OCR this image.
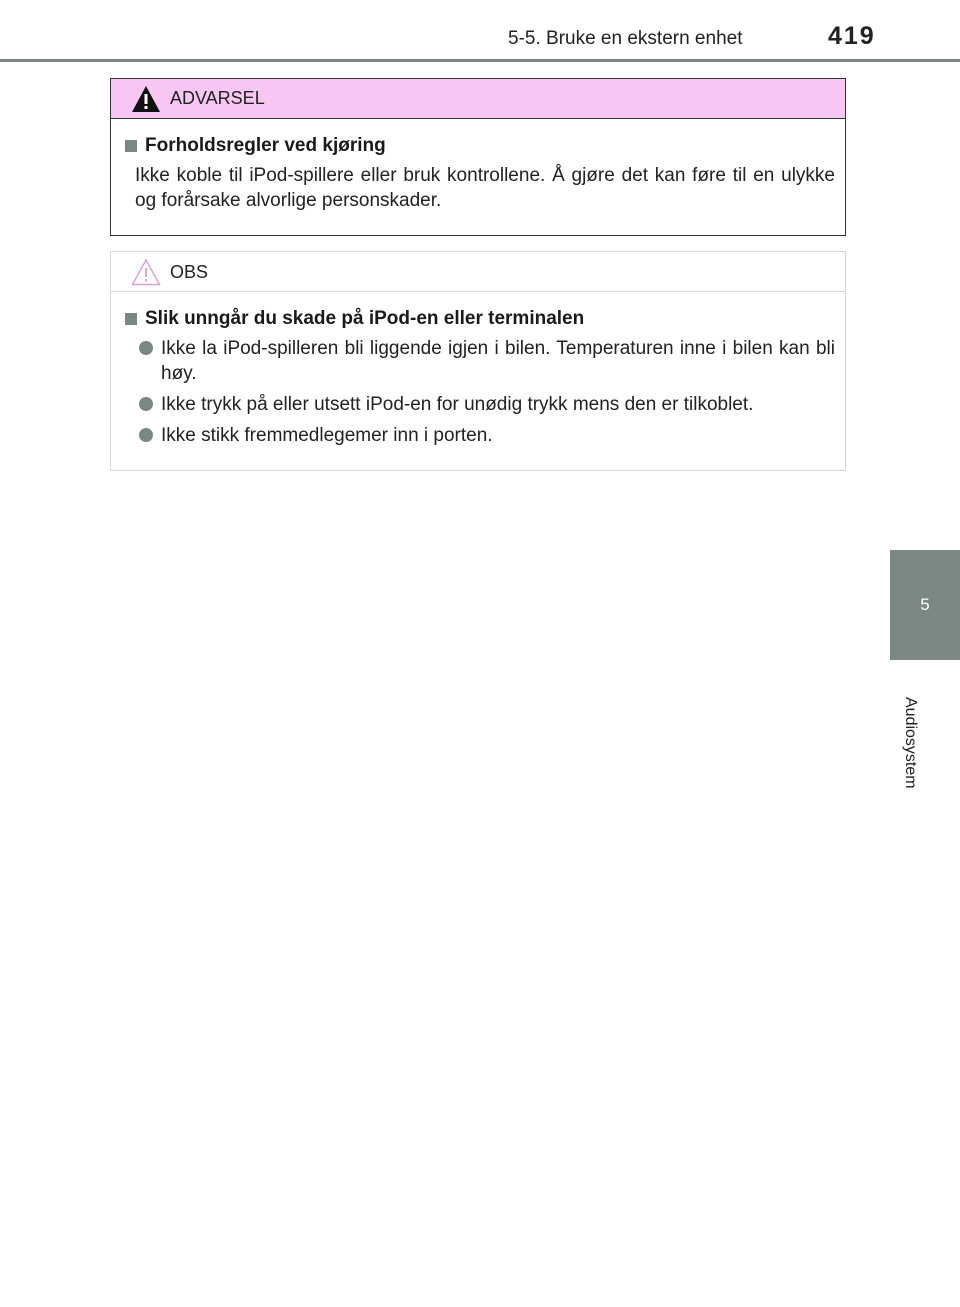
5-5. Bruke en ekstern enhet	419
5
Audiosystem
ADVARSEL
Forholdsregler ved kjøring
Ikke koble til iPod-spillere eller bruk kontrollene. Å gjøre det kan føre til en ulykke og forårsake alvorlige personskader.
OBS
Slik unngår du skade på iPod-en eller terminalen
Ikke la iPod-spilleren bli liggende igjen i bilen. Temperaturen inne i bilen kan bli høy.
Ikke trykk på eller utsett iPod-en for unødig trykk mens den er tilkoblet.
Ikke stikk fremmedlegemer inn i porten.
